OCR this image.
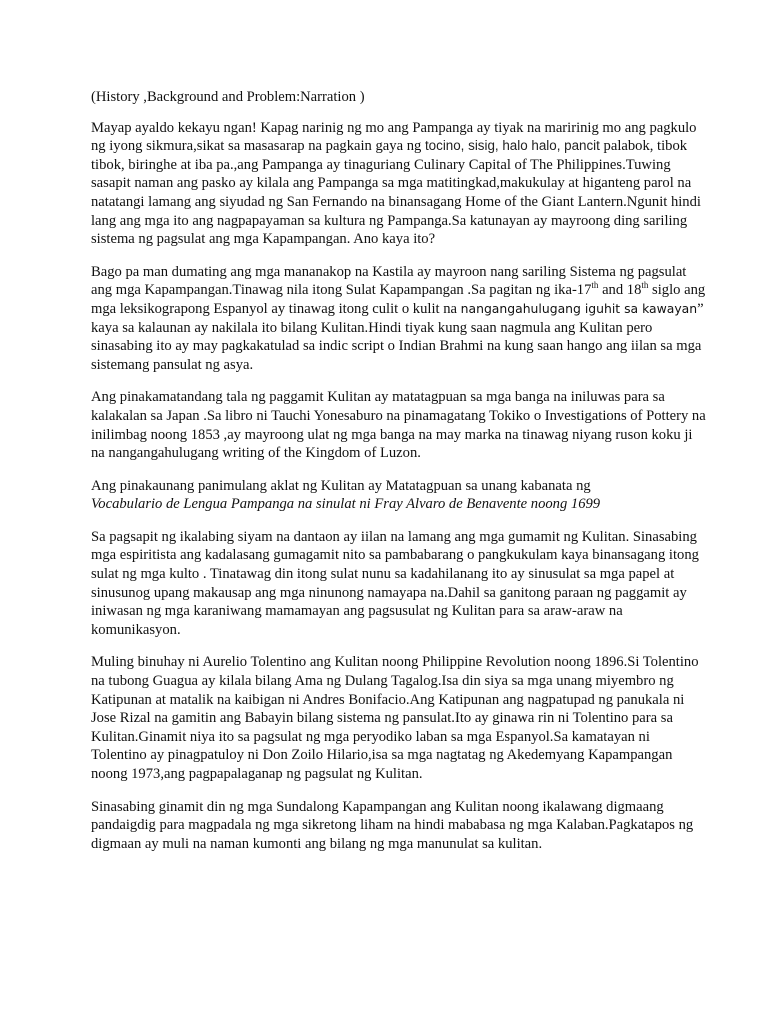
(History ,Background and Problem:Narration )

Mayap ayaldo kekayu ngan! Kapag narinig ng mo ang Pampanga ay tiyak na maririnig mo ang pagkulo ng iyong sikmura,sikat sa masasarap na pagkain gaya ng tocino, sisig, halo halo, pancit palabok, tibok tibok, biringhe at iba pa.,ang Pampanga ay tinaguriang Culinary Capital of The Philippines.Tuwing sasapit naman ang pasko ay kilala ang Pampanga sa mga matitingkad,makukulay at higanteng parol na natatangi lamang ang siyudad ng San Fernando na binansagang Home of the Giant Lantern.Ngunit hindi lang ang mga ito ang nagpapayaman sa kultura ng Pampanga.Sa katunayan ay mayroong ding sariling sistema ng pagsulat ang mga Kapampangan. Ano kaya ito?

Bago pa man dumating ang mga mananakop na Kastila ay mayroon nang sariling Sistema ng pagsulat ang mga Kapampangan.Tinawag nila itong Sulat Kapampangan .Sa pagitan ng ika-17th and 18th siglo ang mga leksikograpong Espanyol ay tinawag itong culit o kulit na nangangahulugang iguhit sa kawayan” kaya sa kalaunan ay nakilala ito bilang Kulitan.Hindi tiyak kung saan nagmula ang Kulitan pero sinasabing ito ay may pagkakatulad sa indic script o Indian Brahmi na kung saan hango ang iilan sa mga sistemang pansulat ng asya.

Ang pinakamatandang tala ng paggamit Kulitan ay matatagpuan sa mga banga na iniluwas para sa kalakalan sa Japan .Sa libro ni Tauchi Yonesaburo na pinamagatang Tokiko o Investigations of Pottery na inilimbag noong 1853 ,ay mayroong ulat ng mga banga na may marka na tinawag niyang ruson koku ji na nangangahulugang writing of the Kingdom of Luzon.

Ang pinakaunang panimulang aklat ng Kulitan ay Matatagpuan sa unang kabanata ng
Vocabulario de Lengua Pampanga na sinulat ni Fray Alvaro de Benavente noong 1699

Sa pagsapit ng ikalabing siyam na dantaon ay iilan na lamang ang mga gumamit ng Kulitan. Sinasabing mga espiritista ang kadalasang gumagamit nito sa pambabarang o pangkukulam kaya binansagang itong sulat ng mga kulto . Tinatawag din itong sulat nunu sa kadahilanang ito ay sinusulat sa mga papel at sinusunog upang makausap ang mga ninunong namayapa na.Dahil sa ganitong paraan ng paggamit ay iniwasan ng mga karaniwang mamamayan ang pagsusulat ng Kulitan para sa araw-araw na komunikasyon.

Muling binuhay ni Aurelio Tolentino ang Kulitan noong Philippine Revolution noong 1896.Si Tolentino na tubong Guagua ay kilala bilang Ama ng Dulang Tagalog.Isa din siya sa mga unang miyembro ng Katipunan at matalik na kaibigan ni Andres Bonifacio.Ang Katipunan ang nagpatupad ng panukala ni Jose Rizal na gamitin ang Babayin bilang sistema ng pansulat.Ito ay ginawa rin ni Tolentino para sa Kulitan.Ginamit niya ito sa pagsulat ng mga peryodiko laban sa mga Espanyol.Sa kamatayan ni Tolentino ay pinagpatuloy ni Don Zoilo Hilario,isa sa mga nagtatag ng Akedemyang Kapampangan noong 1973,ang pagpapalaganap ng pagsulat ng Kulitan.

Sinasabing ginamit din ng mga Sundalong Kapampangan ang Kulitan noong ikalawang digmaang pandaigdig para magpadala ng mga sikretong liham na hindi mababasa ng mga Kalaban.Pagkatapos ng digmaan ay muli na naman kumonti ang bilang ng mga manunulat sa kulitan.
